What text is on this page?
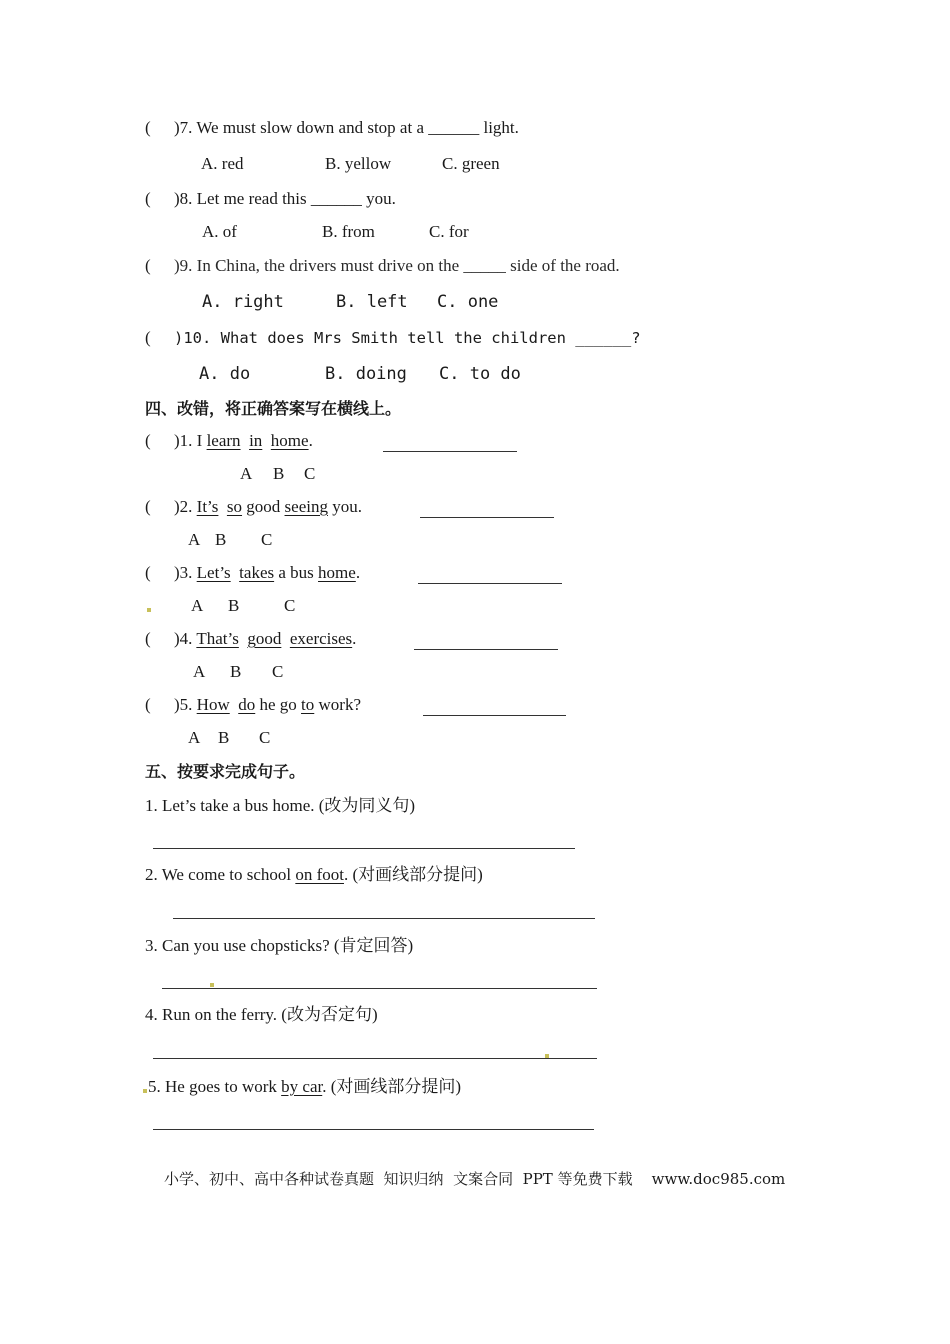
( )7. We must slow down and stop at a ______ light.
A. red	B. yellow	C. green
( )8. Let me read this ______ you.
A. of	B. from	C. for
( )9. In China, the drivers must drive on the _____ side of the road.
A. right	B. left C. one
( )10. What does Mrs Smith tell the children ______?
A. do	B. doing C. to do
四、改错，将正确答案写在横线上。
( )1. I learn in home.
A B C
( )2. It’s so good seeing you.
A B C
( )3. Let’s takes a bus home.
A B	C
( )4. That’s good exercises.
A B C
( )5. How do he go to work?
A B C
五、按要求完成句子。
1. Let’s take a bus home. (改为同义句)
2. We come to school on foot. (对画线部分提问)
3. Can you use chopsticks? (肯定回答)
4. Run on the ferry. (改为否定句)
5. He goes to work by car. (对画线部分提问)
小学、初中、高中各种试卷真题  知识归纳  文案合同  PPT 等免费下载 www.doc985.com
